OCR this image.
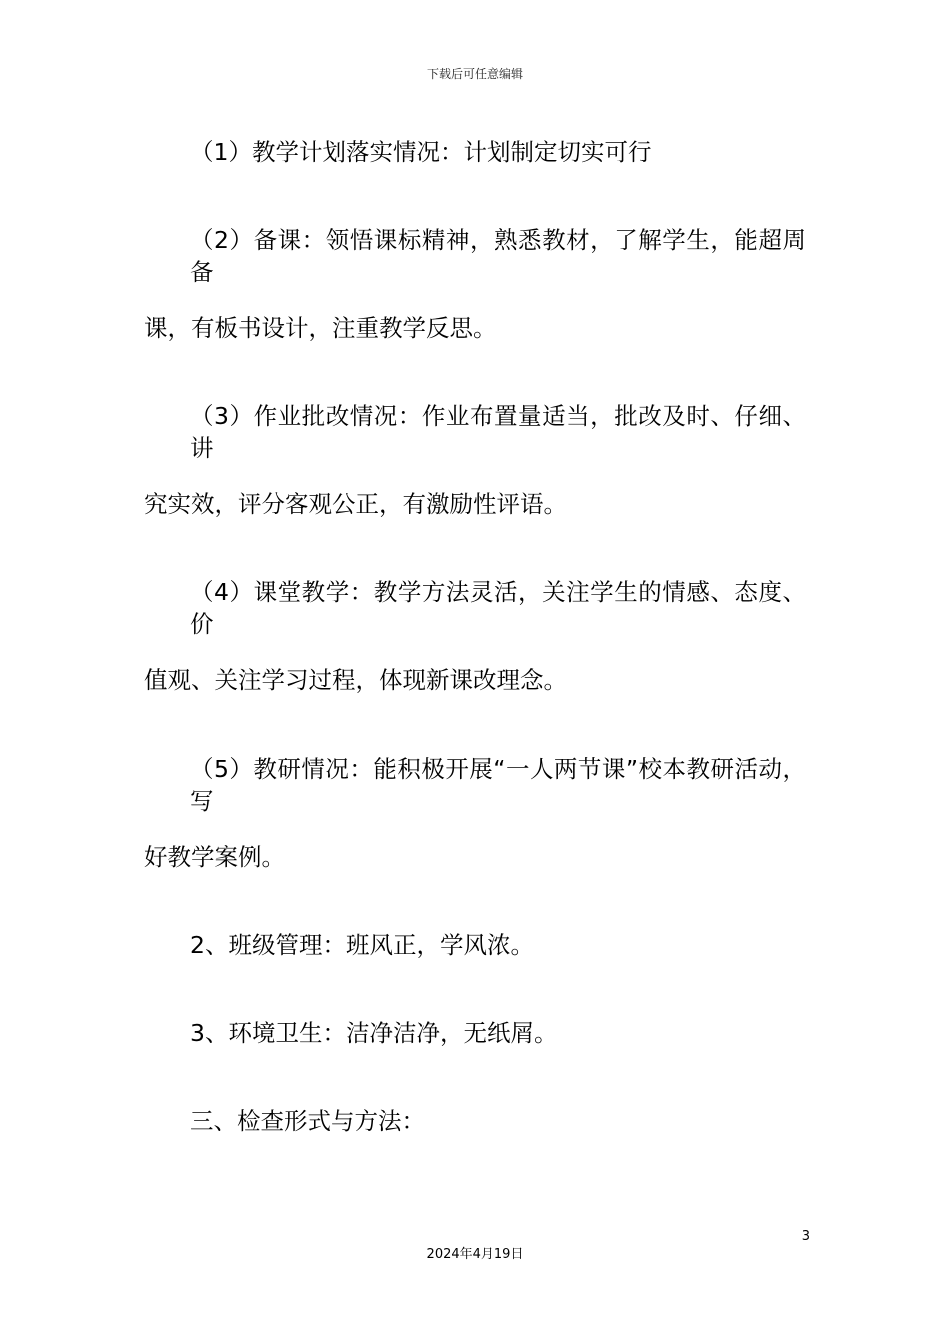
下载后可任意编辑
（1）教学计划落实情况：计划制定切实可行
（2）备课：领悟课标精神，熟悉教材，了解学生，能超周备
课，有板书设计，注重教学反思。
（3）作业批改情况：作业布置量适当，批改及时、仔细、讲
究实效，评分客观公正，有激励性评语。
（4）课堂教学：教学方法灵活，关注学生的情感、态度、价
值观、关注学习过程，体现新课改理念。
（5）教研情况：能积极开展“一人两节课”校本教研活动，写
好教学案例。
2、班级管理：班风正，学风浓。
3、环境卫生：洁净洁净，无纸屑。
三、检查形式与方法：
3
2024年4月19日
